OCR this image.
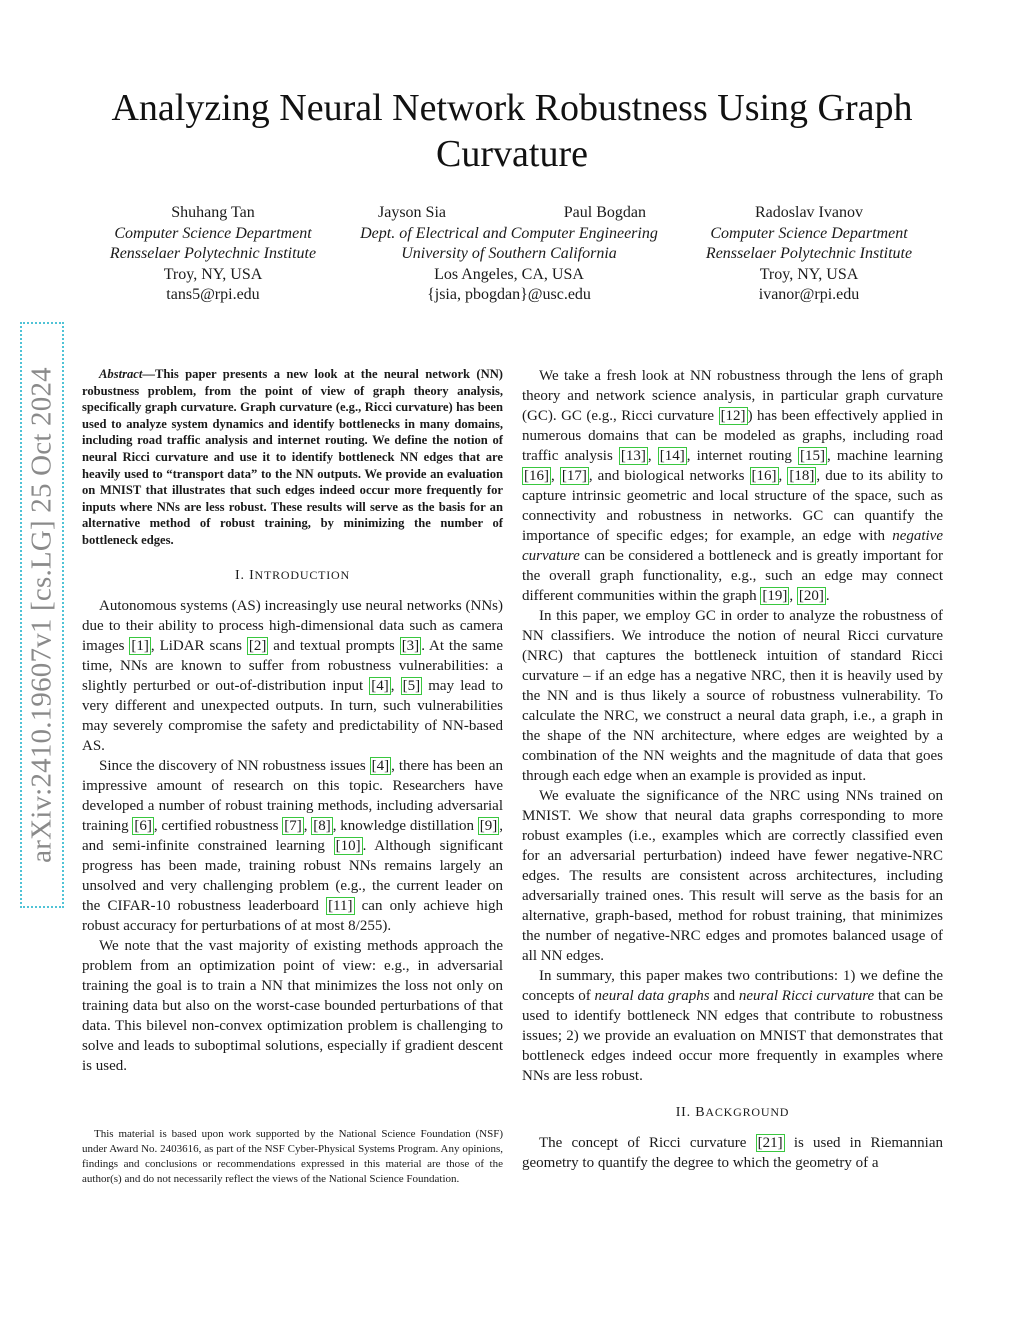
Analyzing Neural Network Robustness Using Graph Curvature
Shuhang Tan
Computer Science Department
Rensselaer Polytechnic Institute
Troy, NY, USA
tans5@rpi.edu
Jayson Sia	Paul Bogdan
Dept. of Electrical and Computer Engineering
University of Southern California
Los Angeles, CA, USA
{jsia, pbogdan}@usc.edu
Radoslav Ivanov
Computer Science Department
Rensselaer Polytechnic Institute
Troy, NY, USA
ivanor@rpi.edu
arXiv:2410.19607v1 [cs.LG] 25 Oct 2024	Abstract—This paper presents a new look at the neural network (NN) robustness problem, from the point of view of graph theory analysis, specifically graph curvature. Graph curvature (e.g., Ricci curvature) has been used to analyze system dynamics and identify bottlenecks in many domains, including road traffic analysis and internet routing. We define the notion of neural Ricci curvature and use it to identify bottleneck NN edges that are heavily used to “transport data” to the NN outputs. We provide an evaluation on MNIST that illustrates that such edges indeed occur more frequently for inputs where NNs are less robust. These results will serve as the basis for an alternative method of robust training, by minimizing the number of bottleneck edges.

I. INTRODUCTION

Autonomous systems (AS) increasingly use neural networks (NNs) due to their ability to process high-dimensional data such as camera images [1] , LiDAR scans [2] and textual prompts [3] . At the same time, NNs are known to suffer from robustness vulnerabilities: a slightly perturbed or out-of-distribution input [4] , [5] may lead to very different and unexpected outputs. In turn, such vulnerabilities may severely compromise the safety and predictability of NN-based AS.

Since the discovery of NN robustness issues [4] , there has been an impressive amount of research on this topic. Researchers have developed a number of robust training methods, including adversarial training [6] , certified robustness [7] , [8] , knowledge distillation [9] , and semi-infinite constrained learning [10] . Although significant progress has been made, training robust NNs remains largely an unsolved and very challenging problem (e.g., the current leader on the CIFAR-10 robustness leaderboard [11] can only achieve high robust accuracy for perturbations of at most 8/255).

We note that the vast majority of existing methods approach the problem from an optimization point of view: e.g., in adversarial training the goal is to train a NN that minimizes the loss not only on training data but also on the worst-case bounded perturbations of that data. This bilevel non-convex optimization problem is challenging to solve and leads to suboptimal solutions, especially if gradient descent is used.

This material is based upon work supported by the National Science Foundation (NSF) under Award No. 2403616, as part of the NSF Cyber-Physical Systems Program. Any opinions, findings and conclusions or recommendations expressed in this material are those of the author(s) and do not necessarily reflect the views of the National Science Foundation.

We take a fresh look at NN robustness through the lens of graph theory and network science analysis, in particular graph curvature (GC). GC (e.g., Ricci curvature [12] ) has been effectively applied in numerous domains that can be modeled as graphs, including road traffic analysis [13] , [14] , internet routing [15] , machine learning [16] , [17] , and biological networks [16] , [18] , due to its ability to capture intrinsic geometric and local structure of the space, such as connectivity and robustness in networks. GC can quantify the importance of specific edges; for example, an edge with negative curvature can be considered a bottleneck and is greatly important for the overall graph functionality, e.g., such an edge may connect different communities within the graph [19] , [20] .

In this paper, we employ GC in order to analyze the robustness of NN classifiers. We introduce the notion of neural Ricci curvature (NRC) that captures the bottleneck intuition of standard Ricci curvature – if an edge has a negative NRC, then it is heavily used by the NN and is thus likely a source of robustness vulnerability. To calculate the NRC, we construct a neural data graph, i.e., a graph in the shape of the NN architecture, where edges are weighted by a combination of the NN weights and the magnitude of data that goes through each edge when an example is provided as input.

We evaluate the significance of the NRC using NNs trained on MNIST. We show that neural data graphs corresponding to more robust examples (i.e., examples which are correctly classified even for an adversarial perturbation) indeed have fewer negative-NRC edges. The results are consistent across architectures, including adversarially trained ones. This result will serve as the basis for an alternative, graph-based, method for robust training, that minimizes the number of negative-NRC edges and promotes balanced usage of all NN edges.

In summary, this paper makes two contributions: 1) we define the concepts of neural data graphs and neural Ricci curvature that can be used to identify bottleneck NN edges that contribute to robustness issues; 2) we provide an evaluation on MNIST that demonstrates that bottleneck edges indeed occur more frequently in examples where NNs are less robust.

II. BACKGROUND

The concept of Ricci curvature [21] is used in Riemannian geometry to quantify the degree to which the geometry of a
